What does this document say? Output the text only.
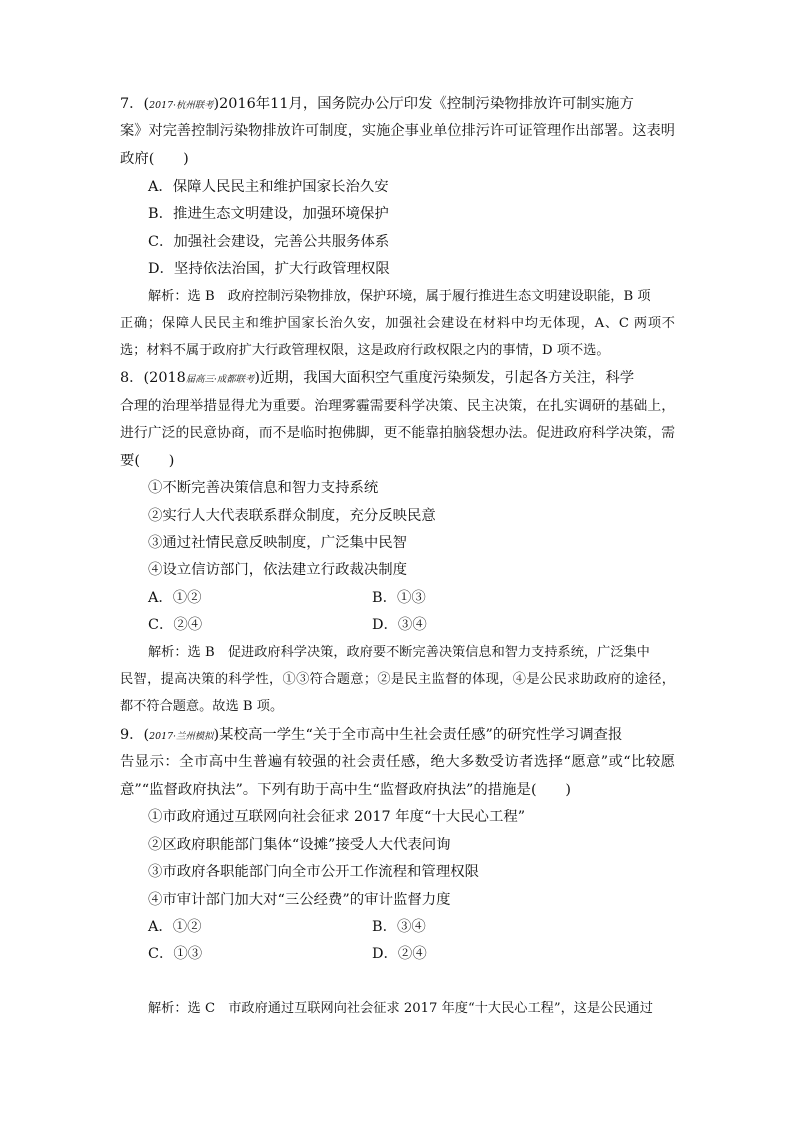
7．(2017·杭州联考)2016年11月，国务院办公厅印发《控制污染物排放许可制实施方
案》对完善控制污染物排放许可制度，实施企事业单位排污许可证管理作出部署。这表明
政府(　　)
A．保障人民民主和维护国家长治久安
B．推进生态文明建设，加强环境保护
C．加强社会建设，完善公共服务体系
D．坚持依法治国，扩大行政管理权限
解析：选 B　政府控制污染物排放，保护环境，属于履行推进生态文明建设职能，B 项
正确；保障人民民主和维护国家长治久安，加强社会建设在材料中均无体现，A、C 两项不
选；材料不属于政府扩大行政管理权限，这是政府行政权限之内的事情，D 项不选。
8．(2018届高三·成都联考)近期，我国大面积空气重度污染频发，引起各方关注，科学
合理的治理举措显得尤为重要。治理雾霾需要科学决策、民主决策，在扎实调研的基础上，
进行广泛的民意协商，而不是临时抱佛脚，更不能靠拍脑袋想办法。促进政府科学决策，需
要(　　)
①不断完善决策信息和智力支持系统
②实行人大代表联系群众制度，充分反映民意
③通过社情民意反映制度，广泛集中民智
④设立信访部门，依法建立行政裁决制度
A．①②	B．①③
C．②④	D．③④
解析：选 B　促进政府科学决策，政府要不断完善决策信息和智力支持系统，广泛集中
民智，提高决策的科学性，①③符合题意；②是民主监督的体现，④是公民求助政府的途径，
都不符合题意。故选 B 项。
9．(2017·兰州模拟)某校高一学生“关于全市高中生社会责任感”的研究性学习调查报
告显示：全市高中生普遍有较强的社会责任感，绝大多数受访者选择“愿意”或“比较愿
意”“监督政府执法”。下列有助于高中生“监督政府执法”的措施是(　　)
①市政府通过互联网向社会征求 2017 年度“十大民心工程”
②区政府职能部门集体“设摊”接受人大代表问询
③市政府各职能部门向全市公开工作流程和管理权限
④市审计部门加大对“三公经费”的审计监督力度
A．①②	B．③④
C．①③	D．②④
解析：选 C　市政府通过互联网向社会征求 2017 年度“十大民心工程”，这是公民通过
